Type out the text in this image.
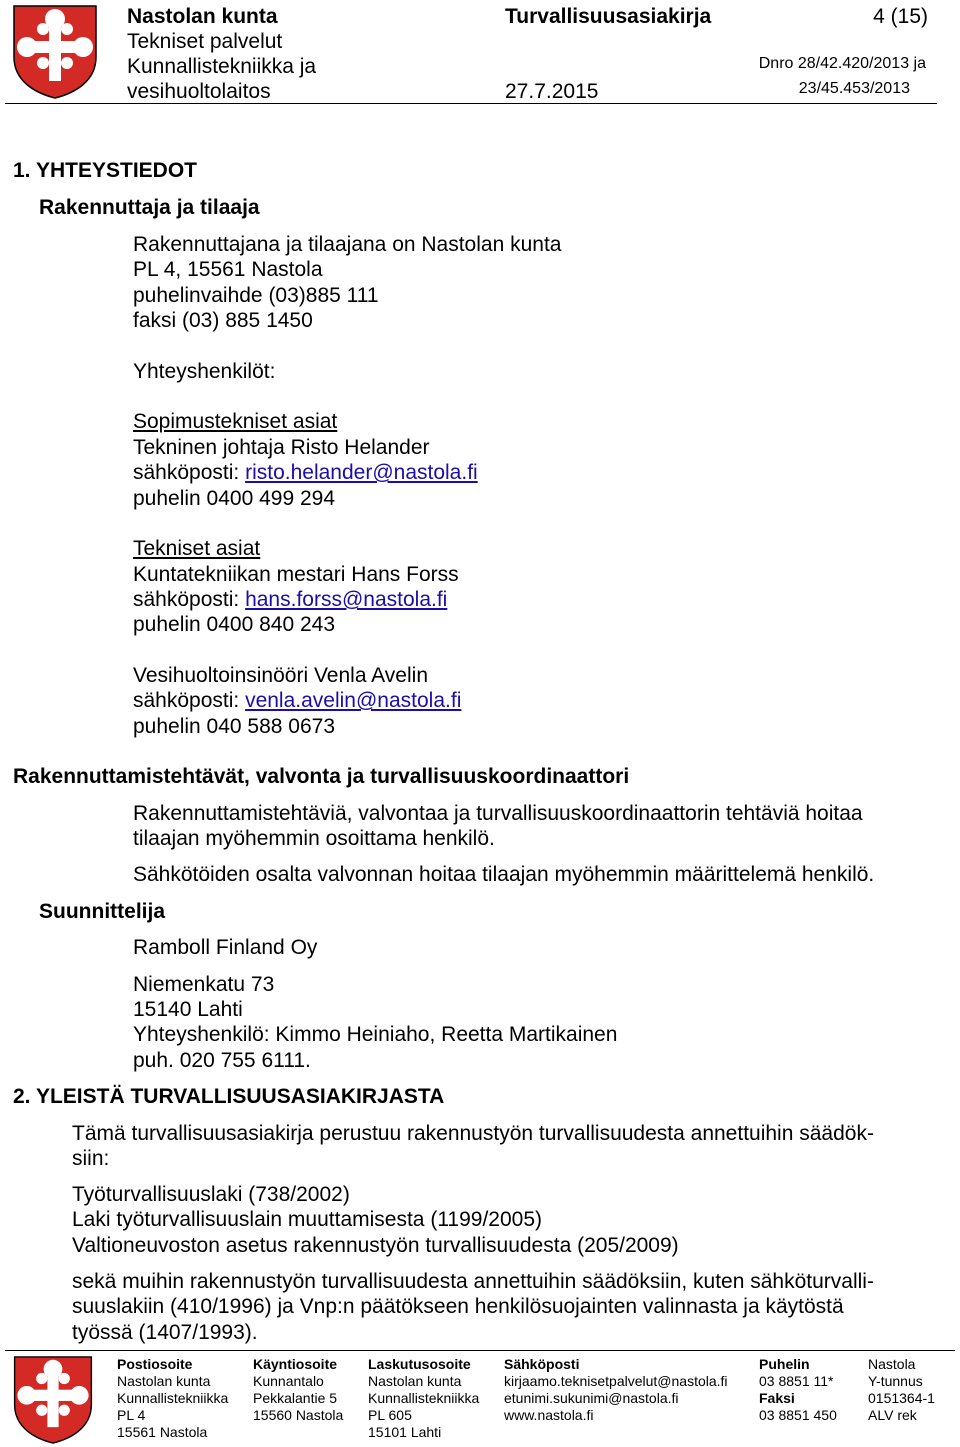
Nastolan kunta
Tekniset palvelut
Kunnallistekniikka ja
vesihuoltolaitos
Turvallisuusasiakirja
27.7.2015
4 (15)
Dnro 28/42.420/2013 ja
23/45.453/2013
1. YHTEYSTIEDOT
Rakennuttaja ja tilaaja
Rakennuttajana ja tilaajana on Nastolan kunta
PL 4, 15561 Nastola
puhelinvaihde (03)885 111
faksi (03) 885 1450
Yhteyshenkilöt:
Sopimustekniset asiat
Tekninen johtaja Risto Helander
sähköposti: risto.helander@nastola.fi
puhelin 0400 499 294
Tekniset asiat
Kuntatekniikan mestari Hans Forss
sähköposti: hans.forss@nastola.fi
puhelin 0400 840 243
Vesihuoltoinsinööri Venla Avelin
sähköposti: venla.avelin@nastola.fi
puhelin 040 588 0673
Rakennuttamistehtävät, valvonta ja turvallisuuskoordinaattori
Rakennuttamistehtäviä, valvontaa ja turvallisuuskoordinaattorin tehtäviä hoitaa
tilaajan myöhemmin osoittama henkilö.
Sähkötöiden osalta valvonnan hoitaa tilaajan myöhemmin määrittelemä henkilö.
Suunnittelija
Ramboll Finland Oy
Niemenkatu 73
15140 Lahti
Yhteyshenkilö: Kimmo Heiniaho, Reetta Martikainen
puh. 020 755 6111.
2. YLEISTÄ TURVALLISUUSASIAKIRJASTA
Tämä turvallisuusasiakirja perustuu rakennustyön turvallisuudesta annettuihin säädök-
siin:
Työturvallisuuslaki (738/2002)
Laki työturvallisuuslain muuttamisesta (1199/2005)
Valtioneuvoston asetus rakennustyön turvallisuudesta (205/2009)
sekä muihin rakennustyön turvallisuudesta annettuihin säädöksiin, kuten sähköturvalli-
suuslakiin (410/1996) ja Vnp:n päätökseen henkilösuojainten valinnasta ja käytöstä
työssä (1407/1993).
Postiosoite
Nastolan kunta
Kunnallistekniikka
PL 4
15561 Nastola
Käyntiosoite
Kunnantalo
Pekkalantie 5
15560 Nastola
Laskutusosoite
Nastolan kunta
Kunnallistekniikka
PL 605
15101 Lahti
Sähköposti
kirjaamo.teknisetpalvelut@nastola.fi
etunimi.sukunimi@nastola.fi
www.nastola.fi
Puhelin
03 8851 11*
Faksi
03 8851 450
Nastola
Y-tunnus
0151364-1
ALV rek
